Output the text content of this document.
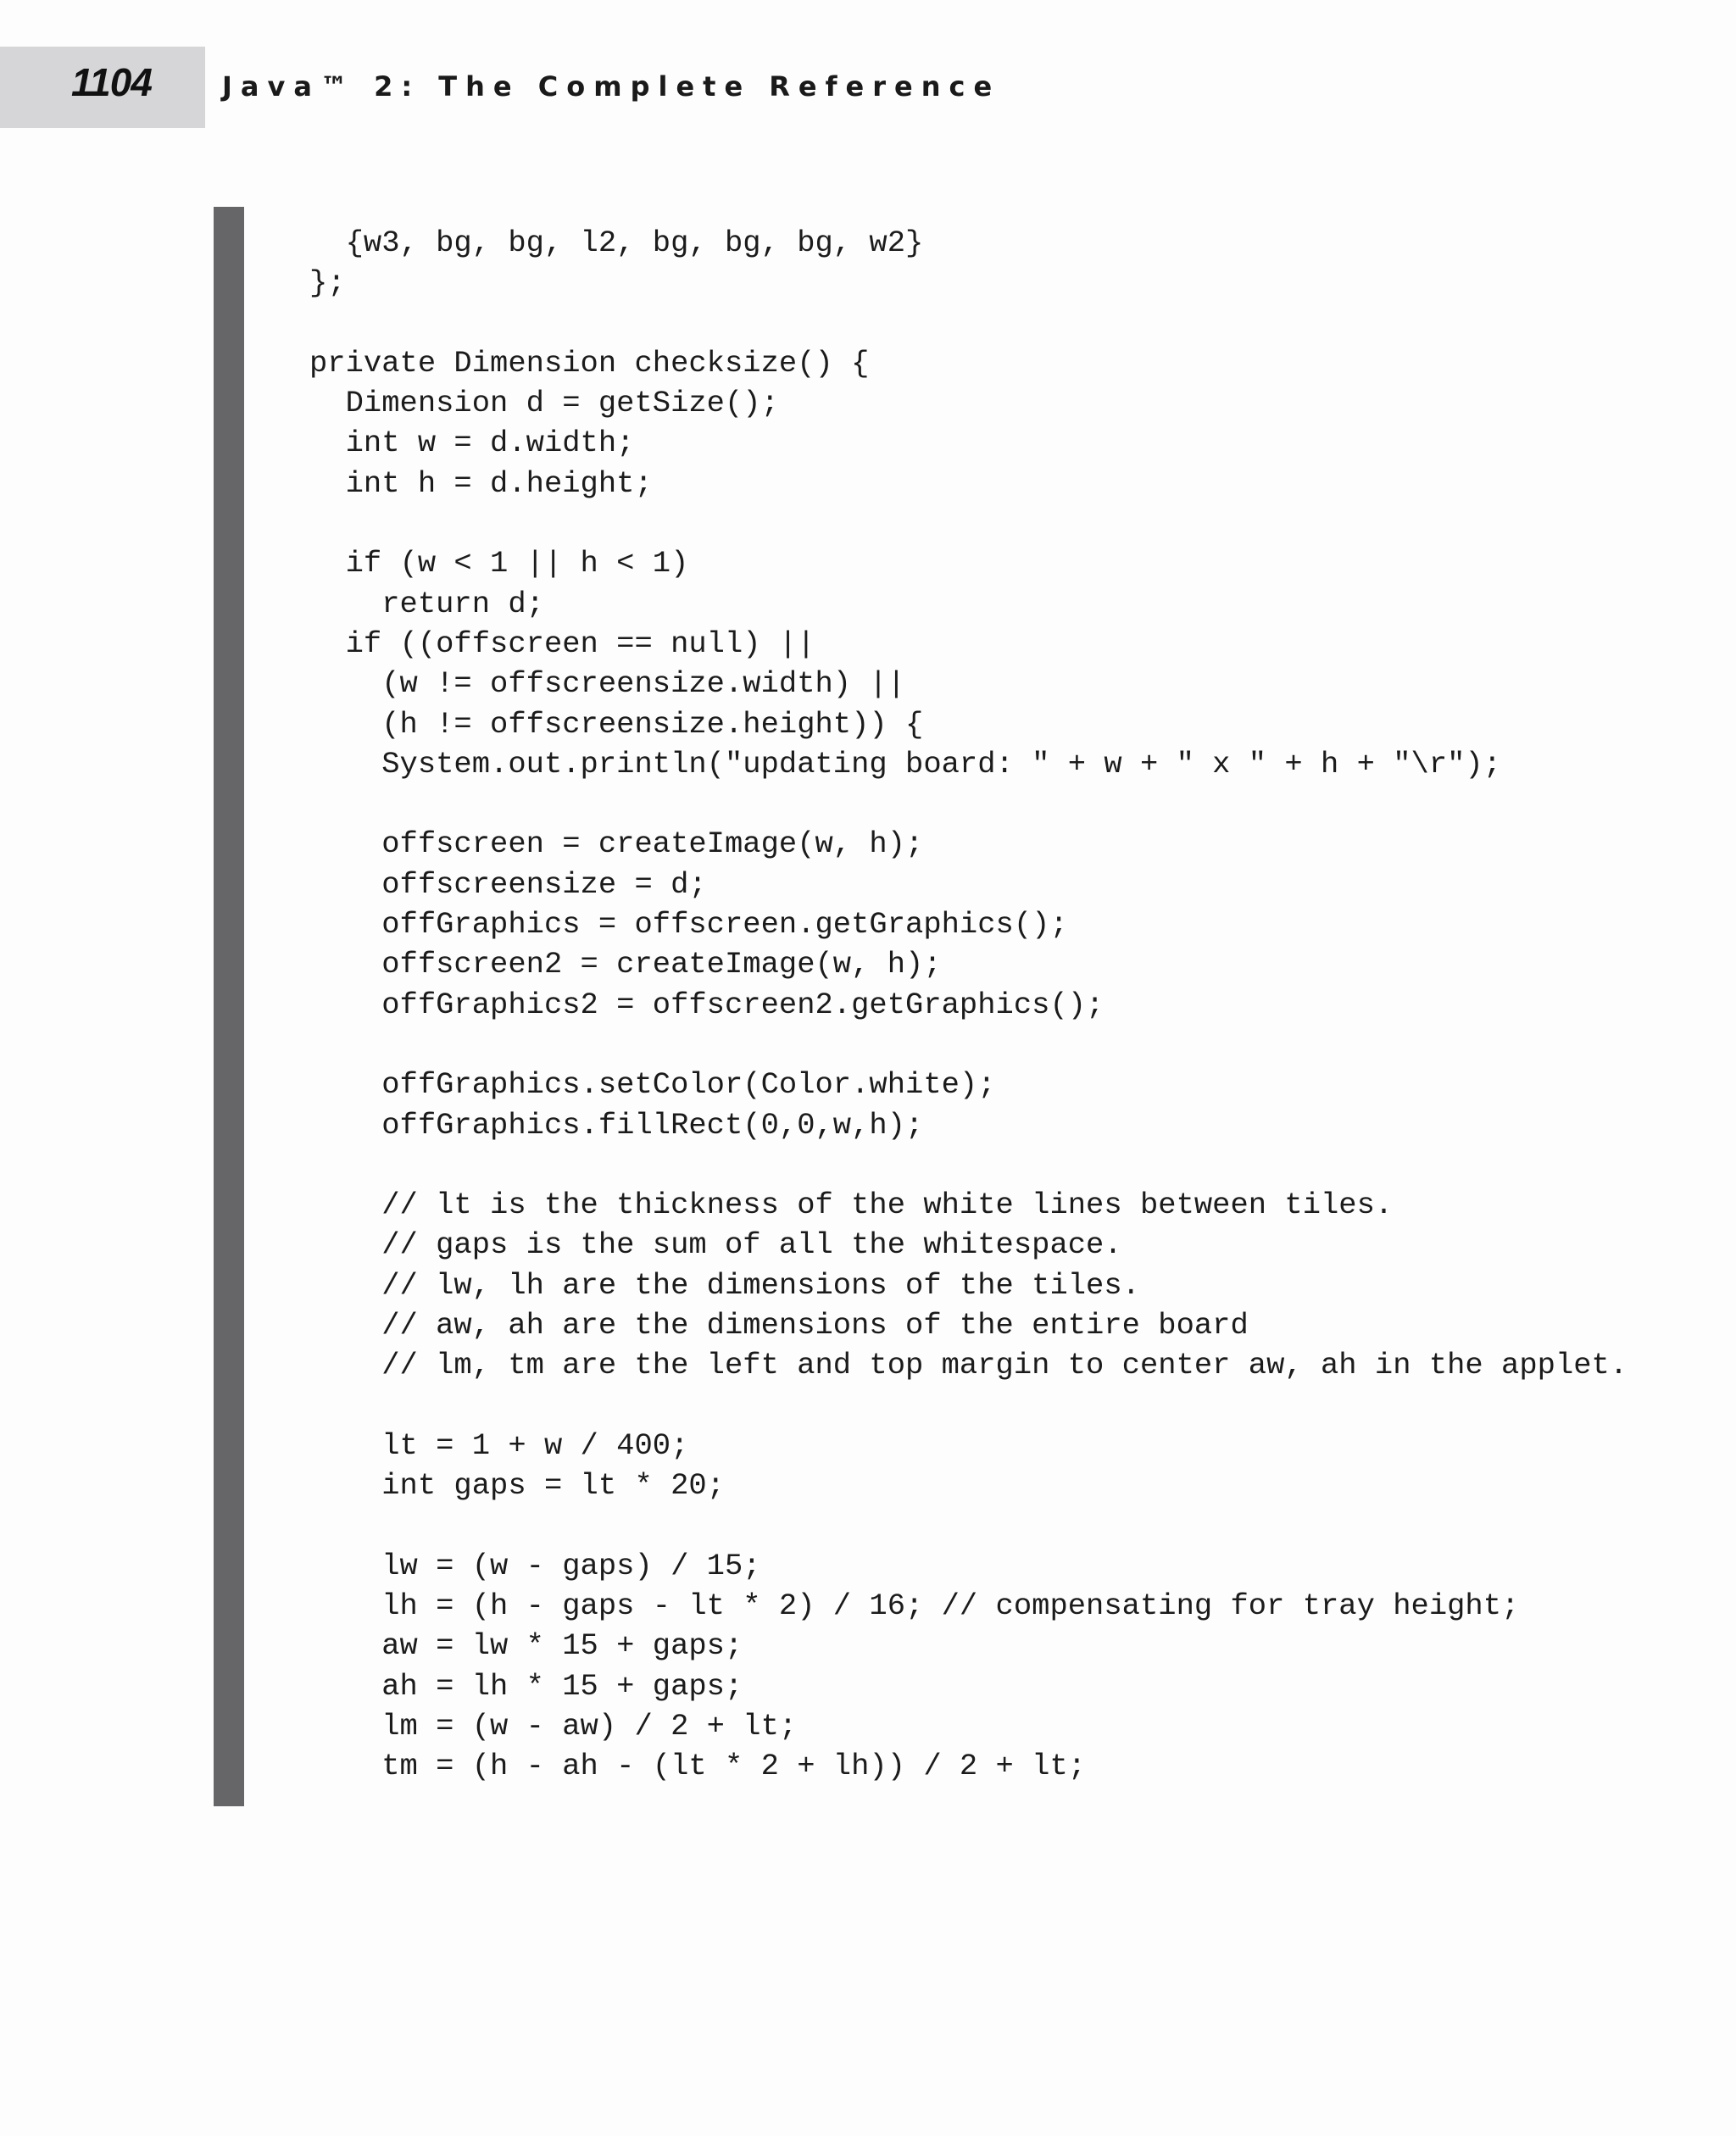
1104	Java™ 2: The Complete Reference
{w3, bg, bg, l2, bg, bg, bg, w2}
};

private Dimension checksize() {
Dimension d = getSize();
int w = d.width;
int h = d.height;

if (w < 1 || h < 1)
return d;
if ((offscreen == null) ||
(w != offscreensize.width) ||
(h != offscreensize.height)) {
System.out.println("updating board: " + w + " x " + h + "\r");

offscreen = createImage(w, h);
offscreensize = d;
offGraphics = offscreen.getGraphics();
offscreen2 = createImage(w, h);
offGraphics2 = offscreen2.getGraphics();

offGraphics.setColor(Color.white);
offGraphics.fillRect(0,0,w,h);

// lt is the thickness of the white lines between tiles.
// gaps is the sum of all the whitespace.
// lw, lh are the dimensions of the tiles.
// aw, ah are the dimensions of the entire board
// lm, tm are the left and top margin to center aw, ah in the applet.

lt = 1 + w / 400;
int gaps = lt * 20;

lw = (w - gaps) / 15;
lh = (h - gaps - lt * 2) / 16; // compensating for tray height;
aw = lw * 15 + gaps;
ah = lh * 15 + gaps;
lm = (w - aw) / 2 + lt;
tm = (h - ah - (lt * 2 + lh)) / 2 + lt;
